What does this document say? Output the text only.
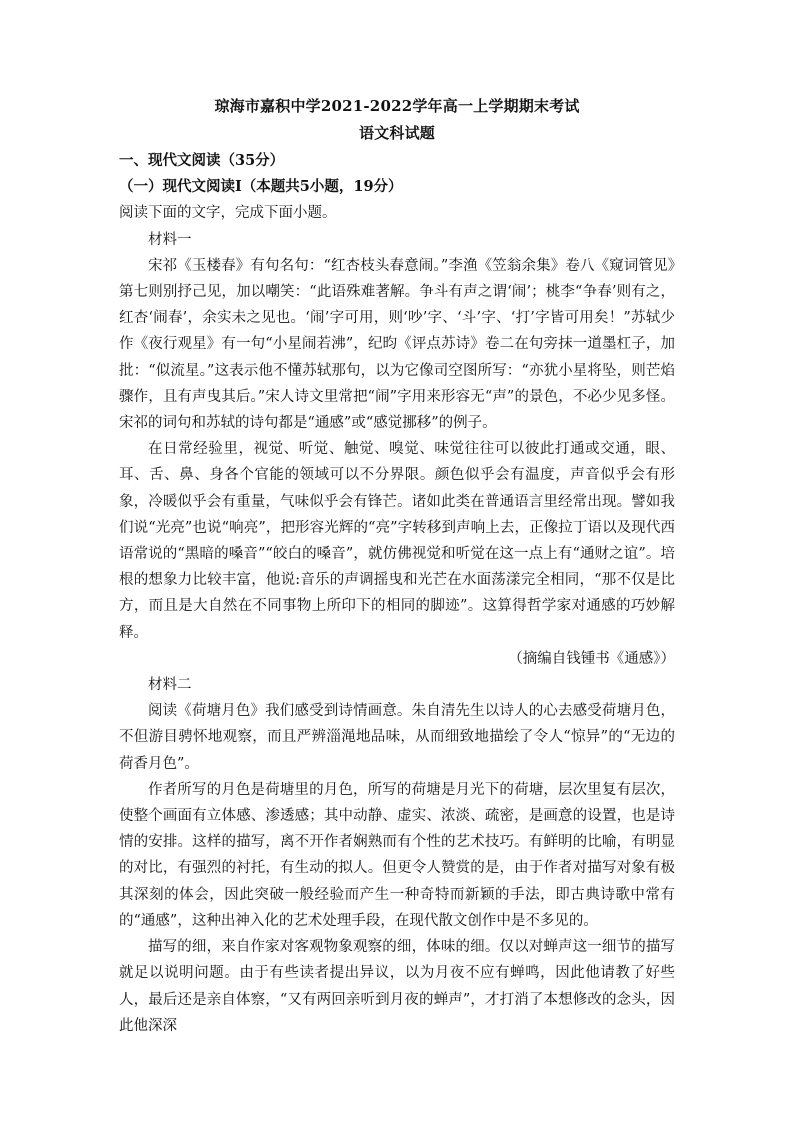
琼海市嘉积中学2021-2022学年高一上学期期末考试
语文科试题

一、现代文阅读（35分）

（一）现代文阅读Ⅰ（本题共5小题，19分）

阅读下面的文字，完成下面小题。

材料一

宋祁《玉楼春》有句名句：“红杏枝头春意闹。”李渔《笠翁余集》卷八《窥词管见》第七则别抒己见，加以嘲笑：“此语殊难著解。争斗有声之谓‘闹’；桃李“争春’则有之，红杏‘闹春’，余实未之见也。‘闹’字可用，则‘吵’字、‘斗’字、‘打’字皆可用矣！”苏轼少作《夜行观星》有一句“小星闹若沸”，纪昀《评点苏诗》卷二在句旁抹一道墨杠子，加批：“似流星。”这表示他不懂苏轼那句，以为它像司空图所写：“亦犹小星将坠，则芒焰骤作，且有声曳其后。”宋人诗文里常把“闹”字用来形容无“声”的景色，不必少见多怪。宋祁的词句和苏轼的诗句都是“通感”或“感觉挪移”的例子。

在日常经验里，视觉、听觉、触觉、嗅觉、味觉往往可以彼此打通或交通，眼、耳、舌、鼻、身各个官能的领域可以不分界限。颜色似乎会有温度，声音似乎会有形象，冷暖似乎会有重量，气味似乎会有锋芒。诸如此类在普通语言里经常出现。譬如我们说“光亮”也说“响亮”，把形容光辉的“亮”字转移到声响上去，正像拉丁语以及现代西语常说的“黑暗的嗓音”“皎白的嗓音”，就仿佛视觉和听觉在这一点上有“通财之谊”。培根的想象力比较丰富，他说:音乐的声调摇曳和光芒在水面荡漾完全相同，“那不仅是比方，而且是大自然在不同事物上所印下的相同的脚迹”。这算得哲学家对通感的巧妙解释。

（摘编自钱锺书《通感》）

材料二

阅读《荷塘月色》我们感受到诗情画意。朱自清先生以诗人的心去感受荷塘月色，不但游目骋怀地观察，而且严辨淄渑地品味，从而细致地描绘了令人“惊异”的“无边的荷香月色”。

作者所写的月色是荷塘里的月色，所写的荷塘是月光下的荷塘，层次里复有层次，使整个画面有立体感、渗透感；其中动静、虚实、浓淡、疏密，是画意的设置，也是诗情的安排。这样的描写，离不开作者娴熟而有个性的艺术技巧。有鲜明的比喻，有明显的对比，有强烈的衬托，有生动的拟人。但更令人赞赏的是，由于作者对描写对象有极其深刻的体会，因此突破一般经验而产生一种奇特而新颖的手法，即古典诗歌中常有的“通感”，这种出神入化的艺术处理手段，在现代散文创作中是不多见的。

描写的细，来自作家对客观物象观察的细，体味的细。仅以对蝉声这一细节的描写就足以说明问题。由于有些读者提出异议，以为月夜不应有蝉鸣，因此他请教了好些人，最后还是亲自体察，“又有两回亲听到月夜的蝉声”，才打消了本想修改的念头，因此他深深
